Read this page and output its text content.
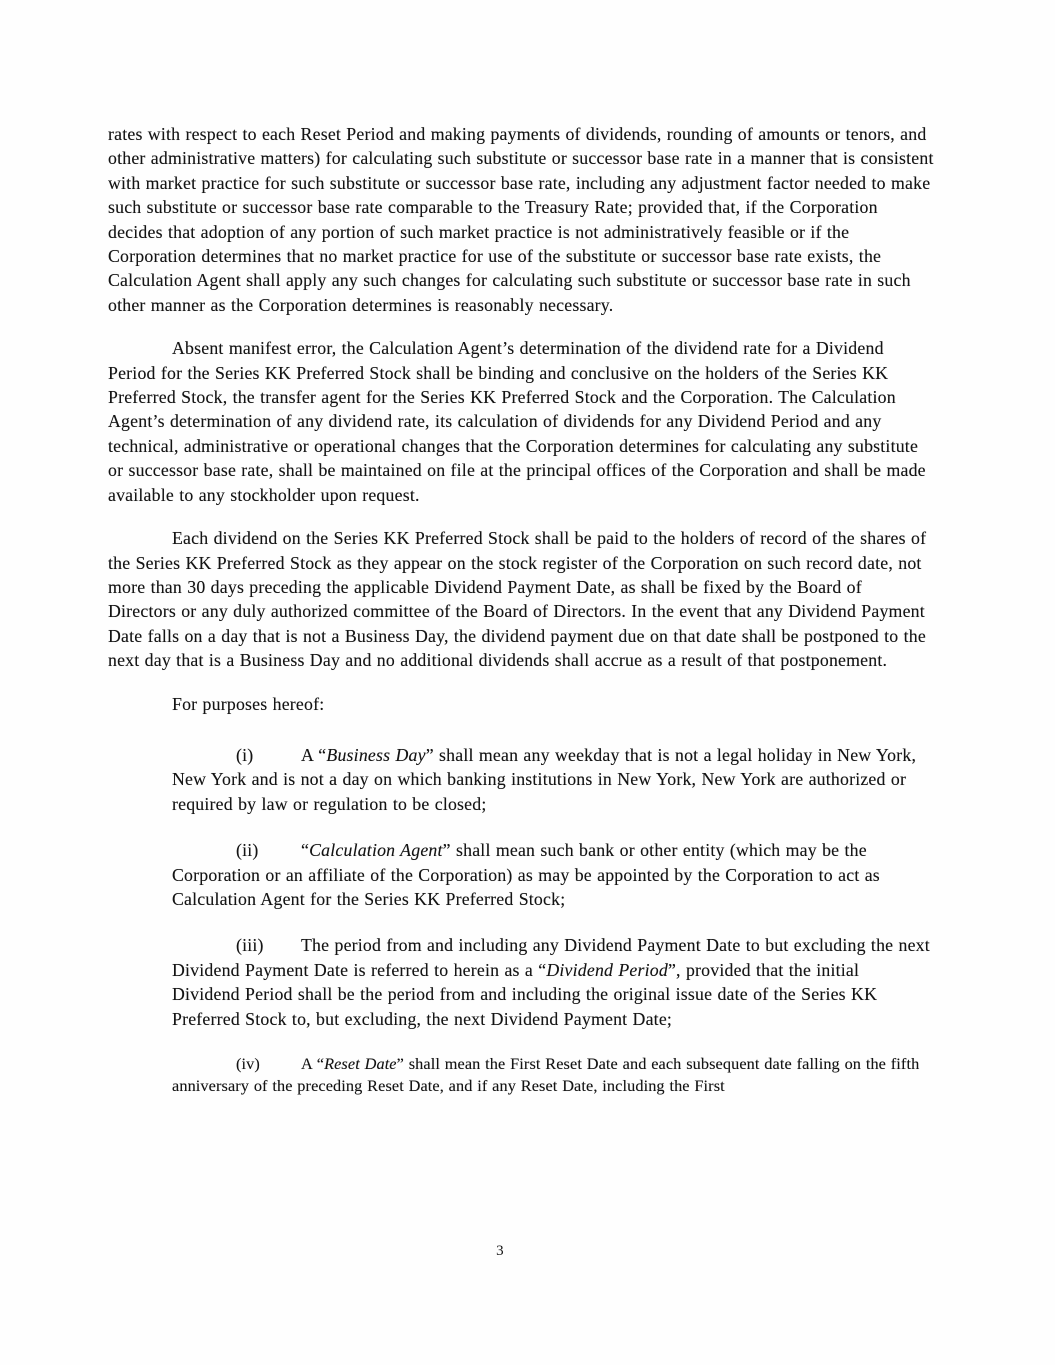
rates with respect to each Reset Period and making payments of dividends, rounding of amounts or tenors, and other administrative matters) for calculating such substitute or successor base rate in a manner that is consistent with market practice for such substitute or successor base rate, including any adjustment factor needed to make such substitute or successor base rate comparable to the Treasury Rate; provided that, if the Corporation decides that adoption of any portion of such market practice is not administratively feasible or if the Corporation determines that no market practice for use of the substitute or successor base rate exists, the Calculation Agent shall apply any such changes for calculating such substitute or successor base rate in such other manner as the Corporation determines is reasonably necessary.

Absent manifest error, the Calculation Agent’s determination of the dividend rate for a Dividend Period for the Series KK Preferred Stock shall be binding and conclusive on the holders of the Series KK Preferred Stock, the transfer agent for the Series KK Preferred Stock and the Corporation. The Calculation Agent’s determination of any dividend rate, its calculation of dividends for any Dividend Period and any technical, administrative or operational changes that the Corporation determines for calculating any substitute or successor base rate, shall be maintained on file at the principal offices of the Corporation and shall be made available to any stockholder upon request.

Each dividend on the Series KK Preferred Stock shall be paid to the holders of record of the shares of the Series KK Preferred Stock as they appear on the stock register of the Corporation on such record date, not more than 30 days preceding the applicable Dividend Payment Date, as shall be fixed by the Board of Directors or any duly authorized committee of the Board of Directors. In the event that any Dividend Payment Date falls on a day that is not a Business Day, the dividend payment due on that date shall be postponed to the next day that is a Business Day and no additional dividends shall accrue as a result of that postponement.

For purposes hereof:

(i)	A “Business Day” shall mean any weekday that is not a legal holiday in New York, New York and is not a day on which banking institutions in New York, New York are authorized or required by law or regulation to be closed;

(ii) “Calculation Agent” shall mean such bank or other entity (which may be the Corporation or an affiliate of the Corporation) as may be appointed by the Corporation to act as Calculation Agent for the Series KK Preferred Stock;

(iii) The period from and including any Dividend Payment Date to but excluding the next Dividend Payment Date is referred to herein as a “Dividend Period”, provided that the initial Dividend Period shall be the period from and including the original issue date of the Series KK Preferred Stock to, but excluding, the next Dividend Payment Date;

(iv)	A “Reset Date” shall mean the First Reset Date and each subsequent date falling on the fifth anniversary of the preceding Reset Date, and if any Reset Date, including the First

3
